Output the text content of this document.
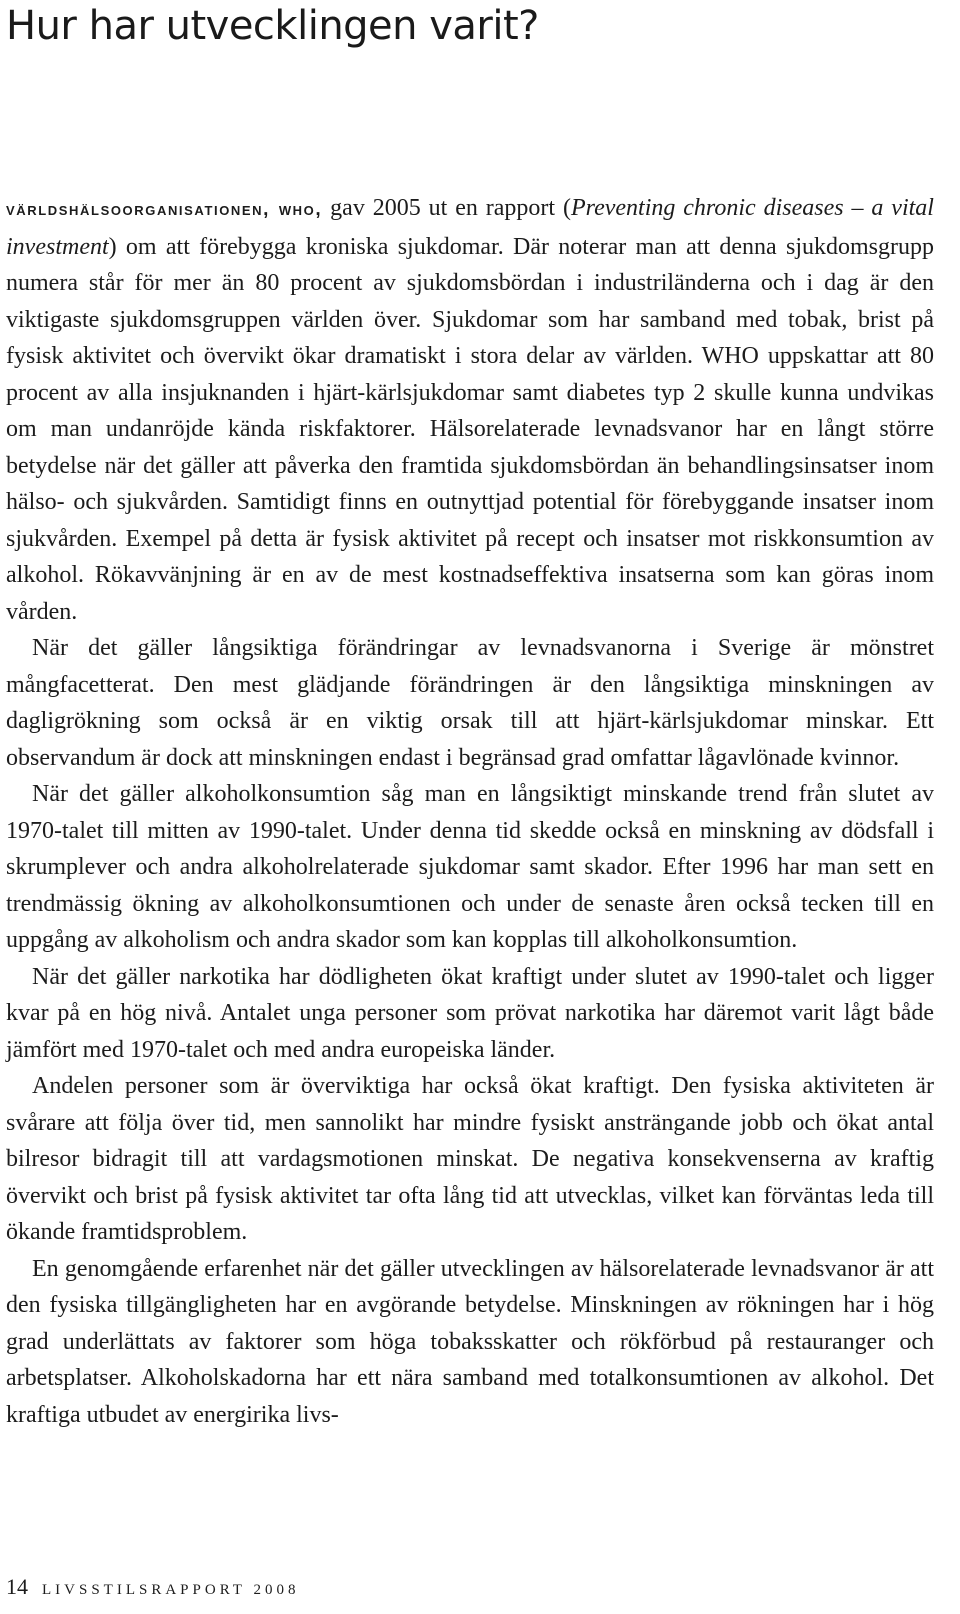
Hur har utvecklingen varit?

världshälsoorganisationen, who, gav 2005 ut en rapport (Preventing chronic diseases – a vital investment) om att förebygga kroniska sjukdomar. Där noterar man att denna sjukdomsgrupp numera står för mer än 80 procent av sjukdomsbördan i industriländerna och i dag är den viktigaste sjukdomsgruppen världen över. Sjukdomar som har samband med tobak, brist på fysisk aktivitet och övervikt ökar dramatiskt i stora delar av världen. WHO uppskattar att 80 procent av alla insjuknanden i hjärt-kärlsjukdomar samt diabetes typ 2 skulle kunna undvikas om man undanröjde kända riskfaktorer. Hälsorelaterade levnadsvanor har en långt större betydelse när det gäller att påverka den framtida sjukdomsbördan än behandlingsinsatser inom hälso- och sjukvården. Samtidigt finns en outnyttjad potential för förebyggande insatser inom sjukvården. Exempel på detta är fysisk aktivitet på recept och insatser mot riskkonsumtion av alkohol. Rökavvänjning är en av de mest kostnadseffektiva insatserna som kan göras inom vården.

När det gäller långsiktiga förändringar av levnadsvanorna i Sverige är mönstret mångfacetterat. Den mest glädjande förändringen är den långsiktiga minskningen av dagligrökning som också är en viktig orsak till att hjärt-kärlsjukdomar minskar. Ett observandum är dock att minskningen endast i begränsad grad omfattar lågavlönade kvinnor.

När det gäller alkoholkonsumtion såg man en långsiktigt minskande trend från slutet av 1970-talet till mitten av 1990-talet. Under denna tid skedde också en minskning av dödsfall i skrumplever och andra alkoholrelaterade sjukdomar samt skador. Efter 1996 har man sett en trendmässig ökning av alkoholkonsumtionen och under de senaste åren också tecken till en uppgång av alkoholism och andra skador som kan kopplas till alkoholkonsumtion.

När det gäller narkotika har dödligheten ökat kraftigt under slutet av 1990-talet och ligger kvar på en hög nivå. Antalet unga personer som prövat narkotika har däremot varit lågt både jämfört med 1970-talet och med andra europeiska länder.

Andelen personer som är överviktiga har också ökat kraftigt. Den fysiska aktiviteten är svårare att följa över tid, men sannolikt har mindre fysiskt ansträngande jobb och ökat antal bilresor bidragit till att vardagsmotionen minskat. De negativa konsekvenserna av kraftig övervikt och brist på fysisk aktivitet tar ofta lång tid att utvecklas, vilket kan förväntas leda till ökande framtidsproblem.

En genomgående erfarenhet när det gäller utvecklingen av hälsorelaterade levnadsvanor är att den fysiska tillgängligheten har en avgörande betydelse. Minskningen av rökningen har i hög grad underlättats av faktorer som höga tobaksskatter och rökförbud på restauranger och arbetsplatser. Alkoholskadorna har ett nära samband med totalkonsumtionen av alkohol. Det kraftiga utbudet av energirika livs-

14 LIVSSTILSRAPPORT 2008
